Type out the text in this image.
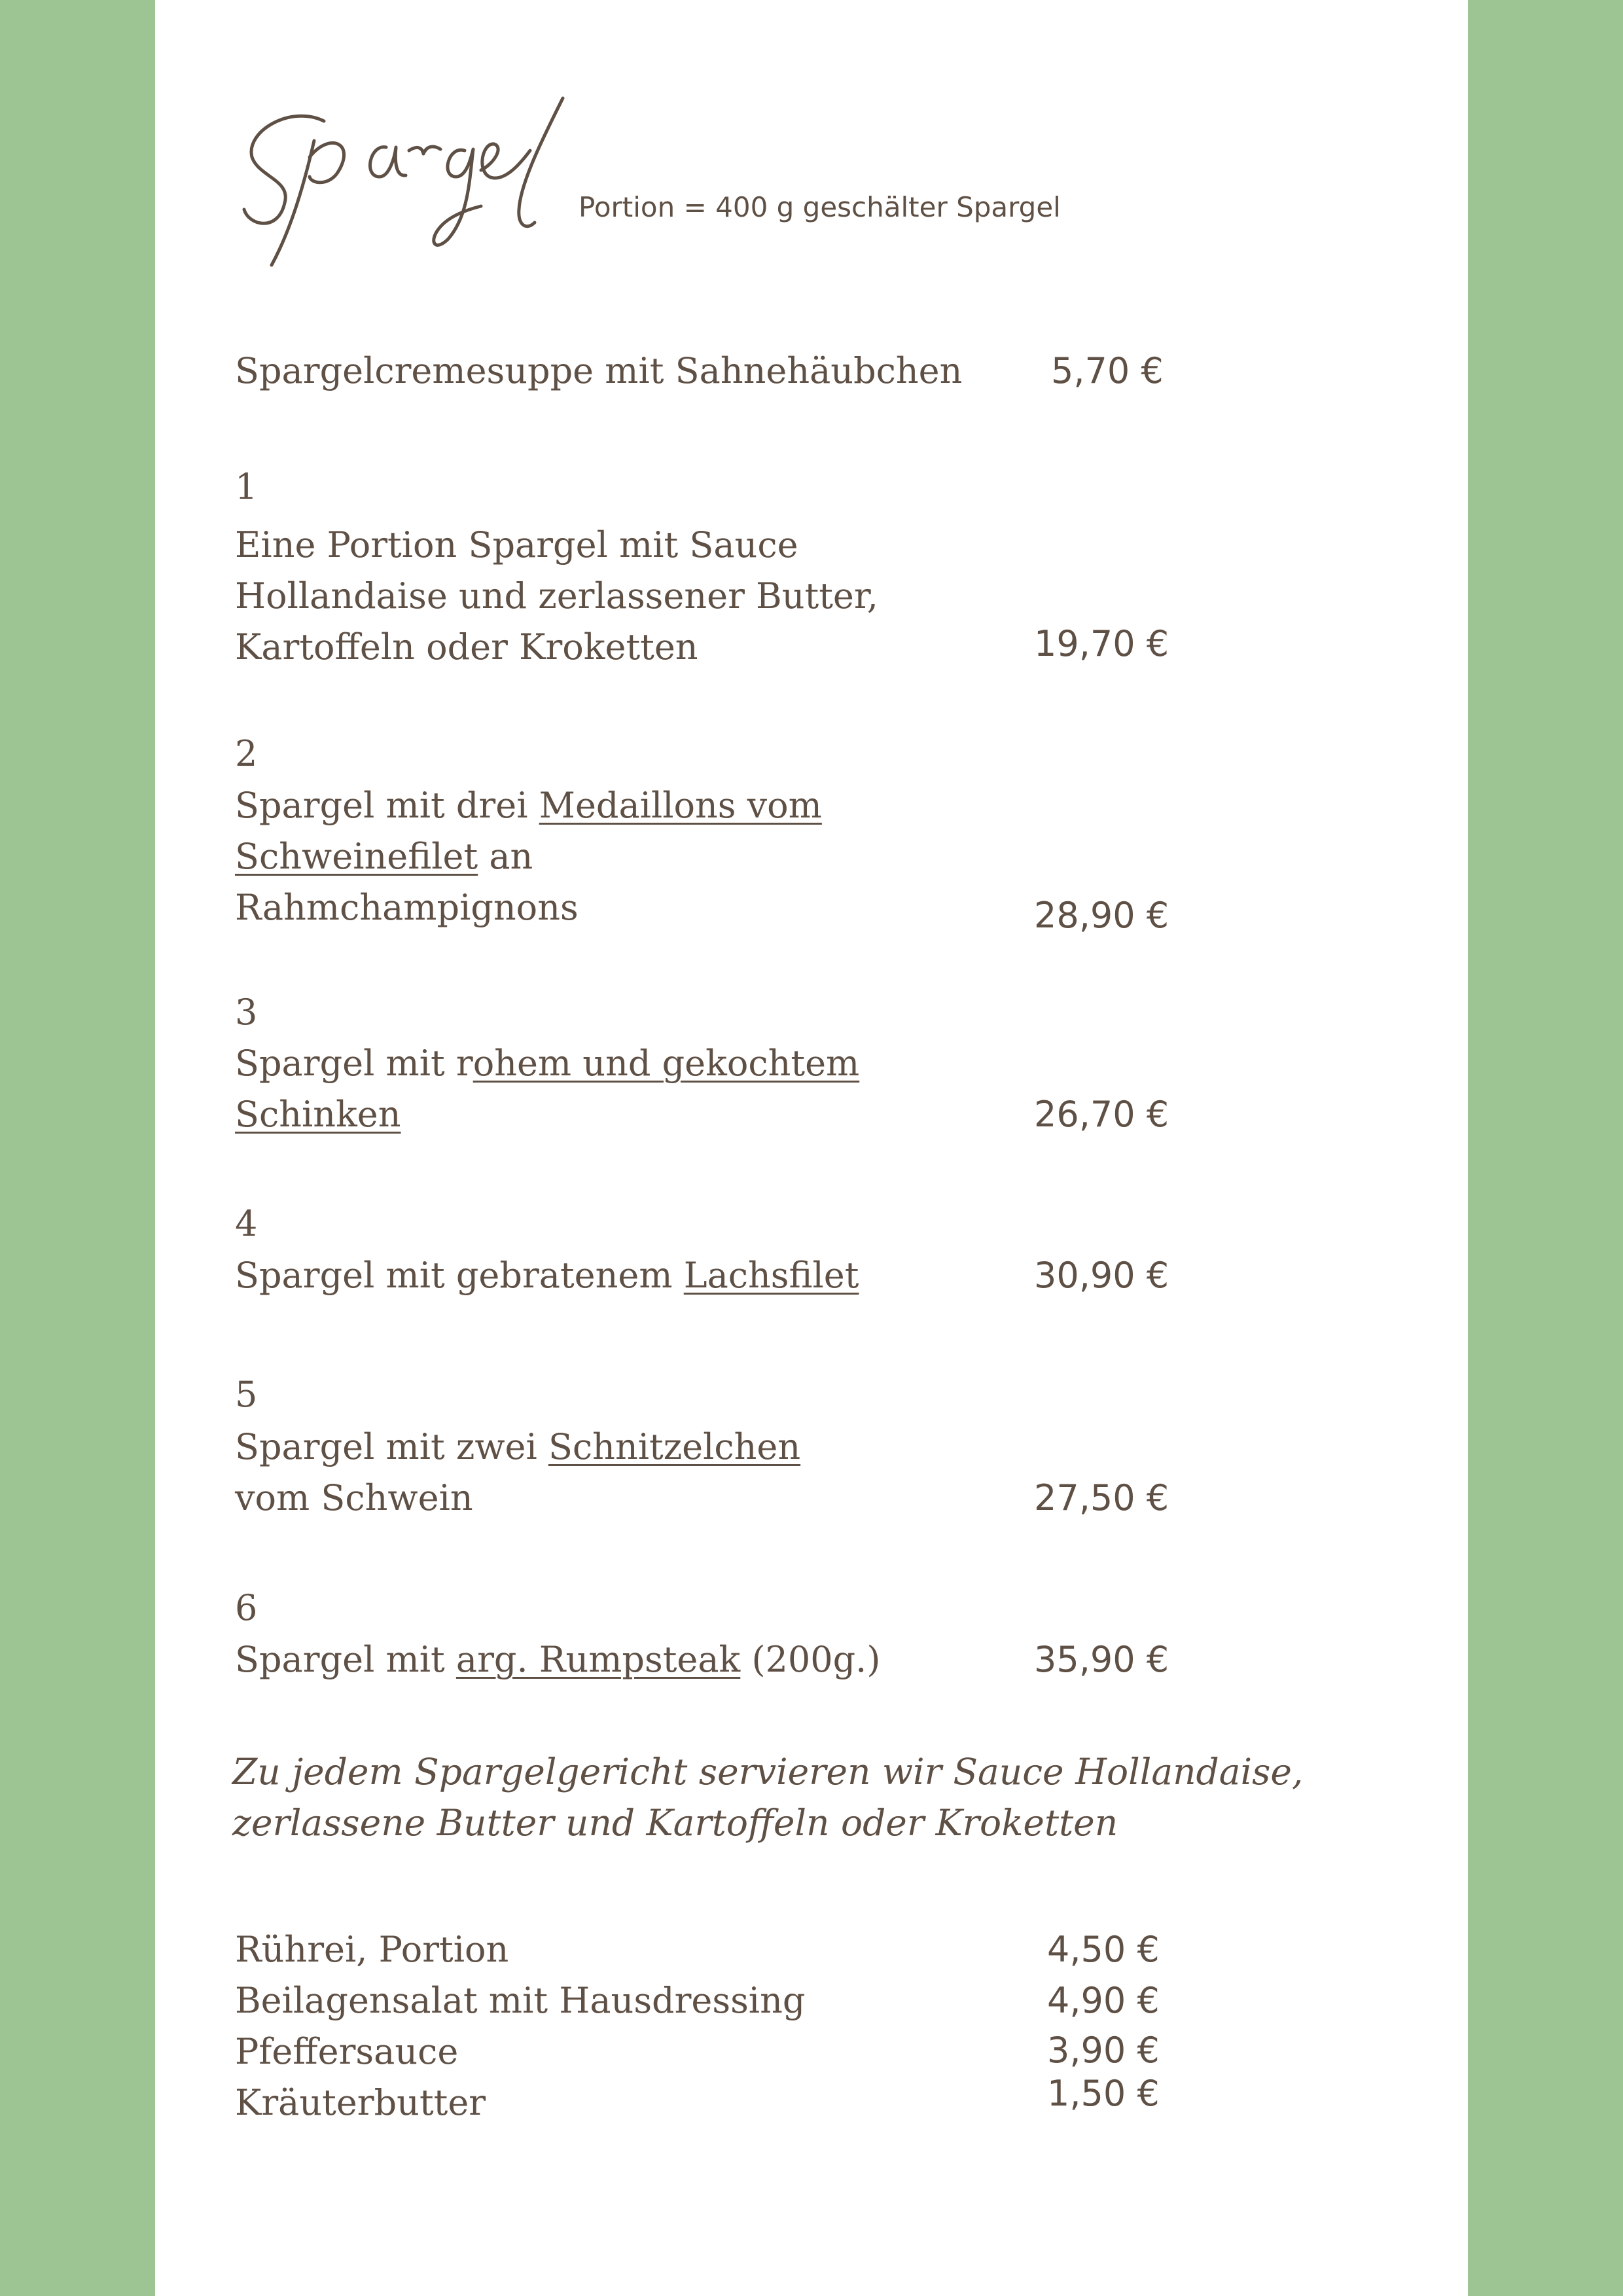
Portion = 400 g geschälter Spargel
Spargelcremesuppe mit Sahnehäubchen	5,70 €
1
Eine Portion Spargel mit Sauce
Hollandaise und zerlassener Butter,
Kartoffeln oder Kroketten	19,70 €
2
Spargel mit drei Medaillons vom
Schweinefilet an
Rahmchampignons	28,90 €
3
Spargel mit rohem und gekochtem
Schinken	26,70 €
4
Spargel mit gebratenem Lachsfilet	30,90 €
5
Spargel mit zwei Schnitzelchen
vom Schwein	27,50 €
6
Spargel mit arg. Rumpsteak (200g.)	35,90 €
Zu jedem Spargelgericht servieren wir Sauce Hollandaise,
zerlassene Butter und Kartoffeln oder Kroketten
Rührei, Portion	4,50 €
Beilagensalat mit Hausdressing	4,90 €
Pfeffersauce	3,90 €
Kräuterbutter	1,50 €
